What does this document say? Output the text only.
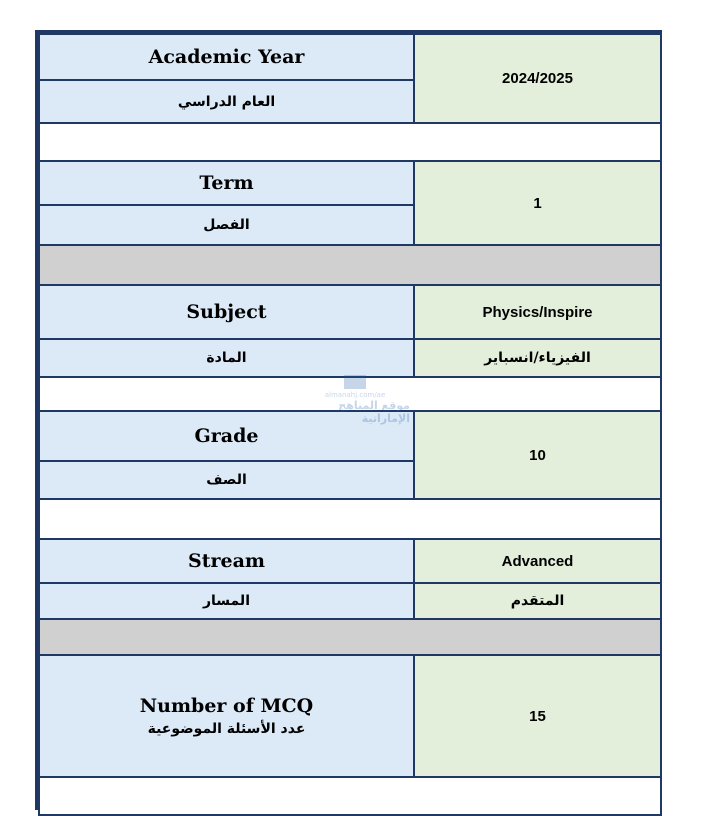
Academic Year
العام الدراسي
2024/2025
Term
الفصل
1
Subject
المادة
Physics/Inspire
الفيزياء/انسباير
Grade
الصف
10
Stream
المسار
Advanced
المتقدم
Number of MCQ
عدد الأسئلة الموضوعية
15
almanahj.com/ae
موقع المناهج الإماراتية
